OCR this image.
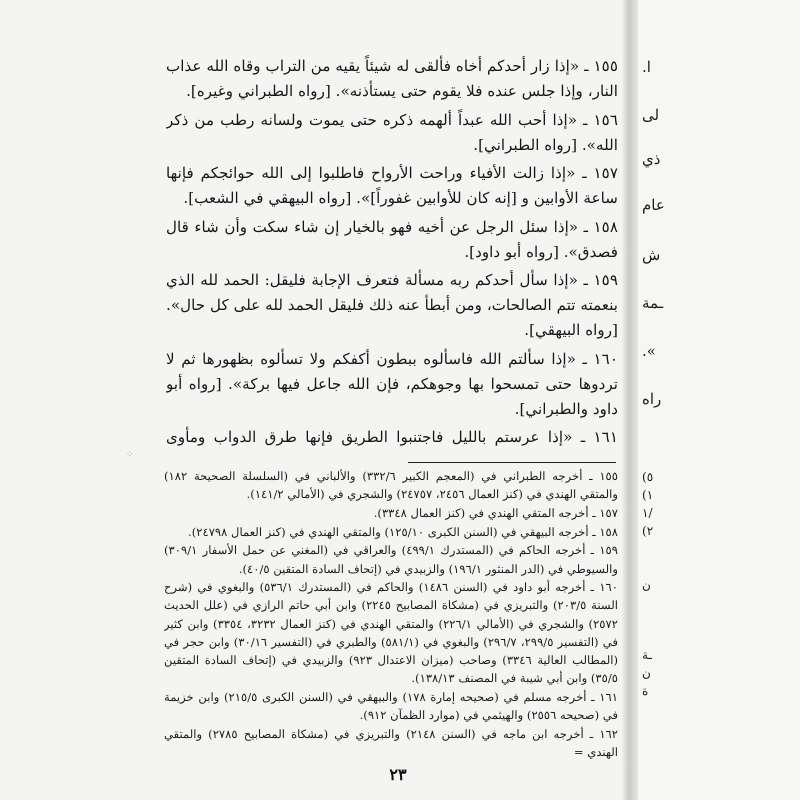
١٥٥ ـ «إذا زار أحدكم أخاه فألقى له شيئاً يقيه من التراب وقاه الله عذاب النار، وإذا جلس عنده فلا يقوم حتى يستأذنه». [رواه الطبراني وغيره].

١٥٦ ـ «إذا أحب الله عبداً ألهمه ذكره حتى يموت ولسانه رطب من ذكر الله». [رواه الطبراني].

١٥٧ ـ «إذا زالت الأفياء وراحت الأرواح فاطلبوا إلى الله حوائجكم فإنها ساعة الأوابين و [إنه كان للأوابين غفوراً]». [رواه البيهقي في الشعب].

١٥٨ ـ «إذا سئل الرجل عن أخيه فهو بالخيار إن شاء سكت وأن شاء قال فصدق». [رواه أبو داود].

١٥٩ ـ «إذا سأل أحدكم ربه مسألة فتعرف الإجابة فليقل: الحمد لله الذي بنعمته تتم الصالحات، ومن أبطأ عنه ذلك فليقل الحمد لله على كل حال». [رواه البيهقي].

١٦٠ ـ «إذا سألتم الله فاسألوه ببطون أكفكم ولا تسألوه بظهورها ثم لا تردوها حتى تمسحوا بها وجوهكم، فإن الله جاعل فيها بركة». [رواه أبو داود والطبراني].

١٦١ ـ «إذا عرستم بالليل فاجتنبوا الطريق فإنها طرق الدواب ومأوى

⁘

١٥٥ ـ أخرجه الطبراني في (المعجم الكبير ٣٣٢/٦) والألباني في (السلسلة الصحيحة ١٨٢) والمتقي الهندي في (كنز العمال ٢٤٥٦، ٢٤٧٥٧) والشجري في (الأمالي ١٤١/٢).

١٥٧ ـ أخرجه المتقي الهندي في (كنز العمال ٣٣٤٨).

١٥٨ ـ أخرجه البيهقي في (السنن الكبرى ١٢٥/١٠) والمتقي الهندي في (كنز العمال ٢٤٧٩٨).

١٥٩ ـ أخرجه الحاكم في (المستدرك ٤٩٩/١) والعراقي في (المغني عن حمل الأسفار ٣٠٩/١) والسيوطي في (الدر المنثور ١٩٦/١) والزبيدي في (إتحاف السادة المتقين ٤٠/٥).

١٦٠ ـ أخرجه أبو داود في (السنن ١٤٨٦) والحاكم في (المستدرك ٥٣٦/١) والبغوي في (شرح السنة ٢٠٣/٥) والتبريزي في (مشكاة المصابيح ٢٢٤٥) وابن أبي حاتم الرازي في (علل الحديث ٢٥٧٢) والشجري في (الأمالي ٢٢٦/١) والمتقي الهندي في (كنز العمال ٣٢٣٢، ٣٣٥٤) وابن كثير في (التفسير ٢٩٩/٥، ٢٩٦/٧) والبغوي في (٥٨١/١) والطبري في (التفسير ٣٠/١٦) وابن حجر في (المطالب العالية ٣٣٤٦) وصاحب (ميزان الاعتدال ٩٢٣) والزبيدي في (إتحاف السادة المتقين ٣٥/٥) وابن أبي شيبة في المصنف ١٣٨/١٣).

١٦١ ـ أخرجه مسلم في (صحيحه إمارة ١٧٨) والبيهقي في (السنن الكبرى ٢١٥/٥) وابن خزيمة في (صحيحه ٢٥٥٦) والهيثمي في (موارد الظمآن ٩١٢).

١٦٢ ـ أخرجه ابن ماجه في (السنن ٢١٤٨) والتبريزي في (مشكاة المصابيح ٢٧٨٥) والمتقي الهندي =

٢٣
ا.
لى
ذي
عام
ش
ـمة
».
راه
٥)
١)
/١
٢)
ن
ـة
ن
ة
